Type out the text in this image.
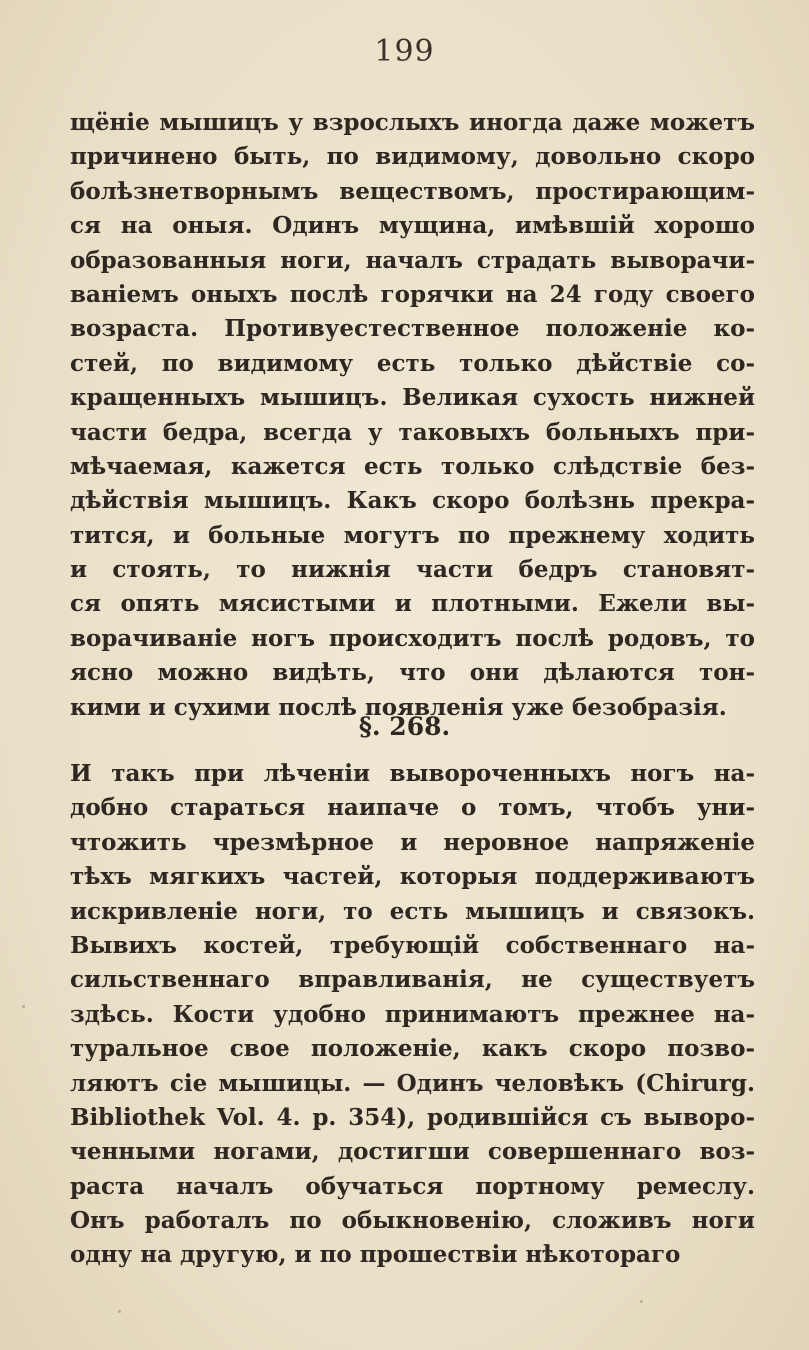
199
щёніе мышицъ у взрослыхъ иногда даже можетъ
причинено быть, по видимому, довольно скоро
болѣзнетворнымъ веществомъ, простирающим-
ся на оныя. Одинъ мущина, имѣвшій хорошо
образованныя ноги, началъ страдать выворачи-
ваніемъ оныхъ послѣ горячки на 24 году своего
возраста. Противуестественное положеніе ко-
стей, по видимому есть только дѣйствіе со-
кращенныхъ мышицъ. Великая сухость нижней
части бедра, всегда у таковыхъ больныхъ при-
мѣчаемая, кажется есть только слѣдствіе без-
дѣйствія мышицъ. Какъ скоро болѣзнь прекра-
тится, и больные могутъ по прежнему ходить
и стоять, то нижнія части бедръ становят-
ся опять мясистыми и плотными. Ежели вы-
ворачиваніе ногъ происходитъ послѣ родовъ, то
ясно можно видѣть, что они дѣлаются тон-
кими и сухими послѣ появленія уже безобразія.
§. 268.
И такъ при лѣченіи вывороченныхъ ногъ на-
добно стараться наипаче о томъ, чтобъ уни-
чтожить чрезмѣрное и неровное напряженіе
тѣхъ мягкихъ частей, которыя поддерживаютъ
искривленіе ноги, то есть мышицъ и связокъ.
Вывихъ костей, требующій собственнаго на-
сильственнаго вправливанія, не существуетъ
здѣсь. Кости удобно принимаютъ прежнее на-
туральное свое положеніе, какъ скоро позво-
ляютъ сіе мышицы. — Одинъ человѣкъ (Chirurg.
Bibliothek Vol. 4. p. 354), родившійся съ выворо-
ченными ногами, достигши совершеннаго воз-
раста началъ обучаться портному ремеслу.
Онъ работалъ по обыкновенію, сложивъ ноги
одну на другую, и по прошествіи нѣкотораго
